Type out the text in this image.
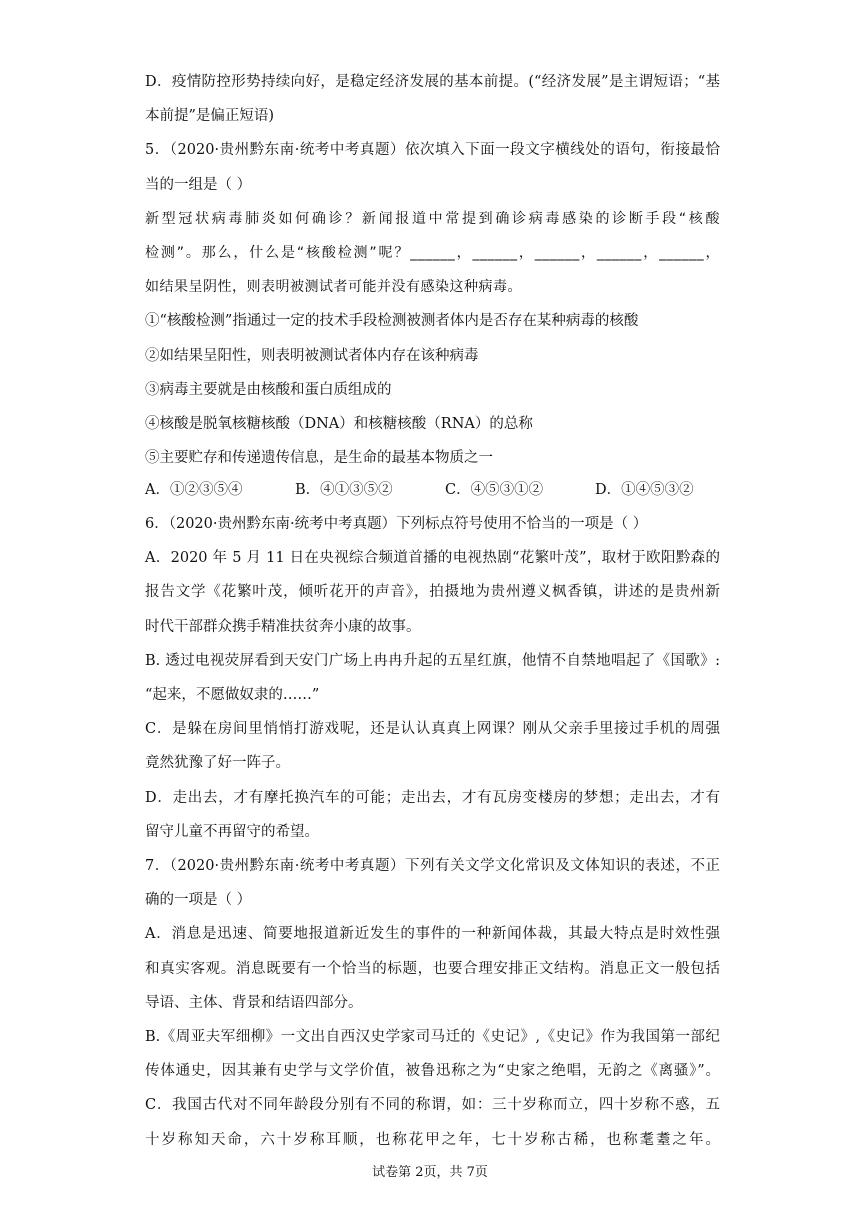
D．疫情防控形势持续向好，是稳定经济发展的基本前提。(“经济发展”是主谓短语；“基
本前提”是偏正短语)
5．（2020·贵州黔东南·统考中考真题）依次填入下面一段文字横线处的语句，衔接最恰
当的一组是（ ）
新型冠状病毒肺炎如何确诊？新闻报道中常提到确诊病毒感染的诊断手段“核酸
检测”。那么，什么是“核酸检测”呢？______，______，______，______，______，
如结果呈阴性，则表明被测试者可能并没有感染这种病毒。
①“核酸检测”指通过一定的技术手段检测被测者体内是否存在某种病毒的核酸
②如结果呈阳性，则表明被测试者体内存在该种病毒
③病毒主要就是由核酸和蛋白质组成的
④核酸是脱氧核糖核酸（DNA）和核糖核酸（RNA）的总称
⑤主要贮存和传递遗传信息，是生命的最基本物质之一
A．①②③⑤④	B．④①③⑤②	C．④⑤③①②	D．①④⑤③②
6．（2020·贵州黔东南·统考中考真题）下列标点符号使用不恰当的一项是（ ）
A．2020 年 5 月 11 日在央视综合频道首播的电视热剧“花繁叶茂”，取材于欧阳黔森的
报告文学《花繁叶茂，倾听花开的声音》，拍摄地为贵州遵义枫香镇，讲述的是贵州新
时代干部群众携手精准扶贫奔小康的故事。
B. 透过电视荧屏看到天安门广场上冉冉升起的五星红旗，他情不自禁地唱起了《国歌》:
“起来，不愿做奴隶的……”
C．是躲在房间里悄悄打游戏呢，还是认认真真上网课？刚从父亲手里接过手机的周强
竟然犹豫了好一阵子。
D．走出去，才有摩托换汽车的可能；走出去，才有瓦房变楼房的梦想；走出去，才有
留守儿童不再留守的希望。
7．（2020·贵州黔东南·统考中考真题）下列有关文学文化常识及文体知识的表述，不正
确的一项是（ ）
A．消息是迅速、简要地报道新近发生的事件的一种新闻体裁，其最大特点是时效性强
和真实客观。消息既要有一个恰当的标题，也要合理安排正文结构。消息正文一般包括
导语、主体、背景和结语四部分。
B.《周亚夫军细柳》一文出自西汉史学家司马迁的《史记》,《史记》作为我国第一部纪
传体通史，因其兼有史学与文学价值，被鲁迅称之为“史家之绝唱，无韵之《离骚》”。
C．我国古代对不同年龄段分别有不同的称谓，如：三十岁称而立，四十岁称不惑，五
十岁称知天命，六十岁称耳顺，也称花甲之年，七十岁称古稀，也称耄耋之年。
试卷第 2页，共 7页
